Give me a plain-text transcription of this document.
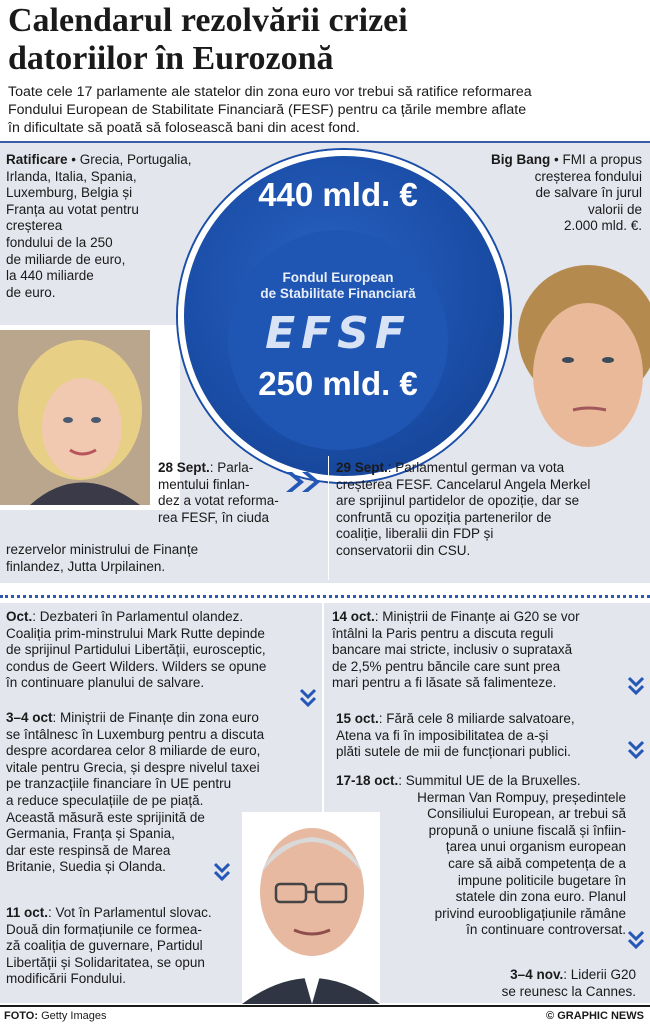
Calendarul rezolvării crizei
datoriilor în Eurozonă
Toate cele 17 parlamente ale statelor din zona euro vor trebui să ratifice reformarea
Fondului European de Stabilitate Financiară (FESF) pentru ca țările membre aflate
în dificultate să poată să folosească bani din acest fond.
Ratificare • Grecia, Portugalia,
Irlanda, Italia, Spania,
Luxemburg, Belgia și
Franța au votat pentru
creșterea
fondului de la 250
de miliarde de euro,
la 440 miliarde
de euro.
Big Bang • FMI a propus
creșterea fondului
de salvare în jurul
valorii de
2.000 mld. €.
440 mld. €
Fondul European
de Stabilitate Financiară
EFSF
250 mld. €
28 Sept.: Parla-
mentului finlan-
dez a votat reforma-
rea FESF, în ciuda
rezervelor ministrului de Finanțe
finlandez, Jutta Urpilainen.
29 Sept.: Parlamentul german va vota
creșterea FESF. Cancelarul Angela Merkel
are sprijinul partidelor de opoziție, dar se
confruntă cu opoziția partenerilor de
coaliție, liberalii din FDP și
conservatorii din CSU.
Oct.: Dezbateri în Parlamentul olandez.
Coaliția prim-minstrului Mark Rutte depinde
de sprijinul Partidului Libertății, eurosceptic,
condus de Geert Wilders. Wilders se opune
în continuare planului de salvare.
3–4 oct: Miniștrii de Finanțe din zona euro
se întâlnesc în Luxemburg pentru a discuta
despre acordarea celor 8 miliarde de euro,
vitale pentru Grecia, și despre nivelul taxei
pe tranzacțiile financiare în UE pentru
a reduce speculațiile de pe piață.
Această măsură este sprijinită de
Germania, Franța și Spania,
dar este respinsă de Marea
Britanie, Suedia și Olanda.
11 oct.: Vot în Parlamentul slovac.
Două din formațiunile ce formea-
ză coaliția de guvernare, Partidul
Libertății și Solidaritatea, se opun
modificării Fondului.
14 oct.: Miniștrii de Finanțe ai G20 se vor
întâlni la Paris pentru a discuta reguli
bancare mai stricte, inclusiv o suprataxă
de 2,5% pentru băncile care sunt prea
mari pentru a fi lăsate să falimenteze.
15 oct.: Fără cele 8 miliarde salvatoare,
Atena va fi în imposibilitatea de a-și
plăti sutele de mii de funcționari publici.
17-18 oct.: Summitul UE de la Bruxelles.
Herman Van Rompuy, președintele
Consiliului European, ar trebui să
propună o uniune fiscală și înfiin-
țarea unui organism european
care să aibă competența de a
impune politicile bugetare în
statele din zona euro. Planul
privind euroobligațiunile rămâne
în continuare controversat.
3–4 nov.: Liderii G20
se reunesc la Cannes.
FOTO: Getty Images	© GRAPHIC NEWS
